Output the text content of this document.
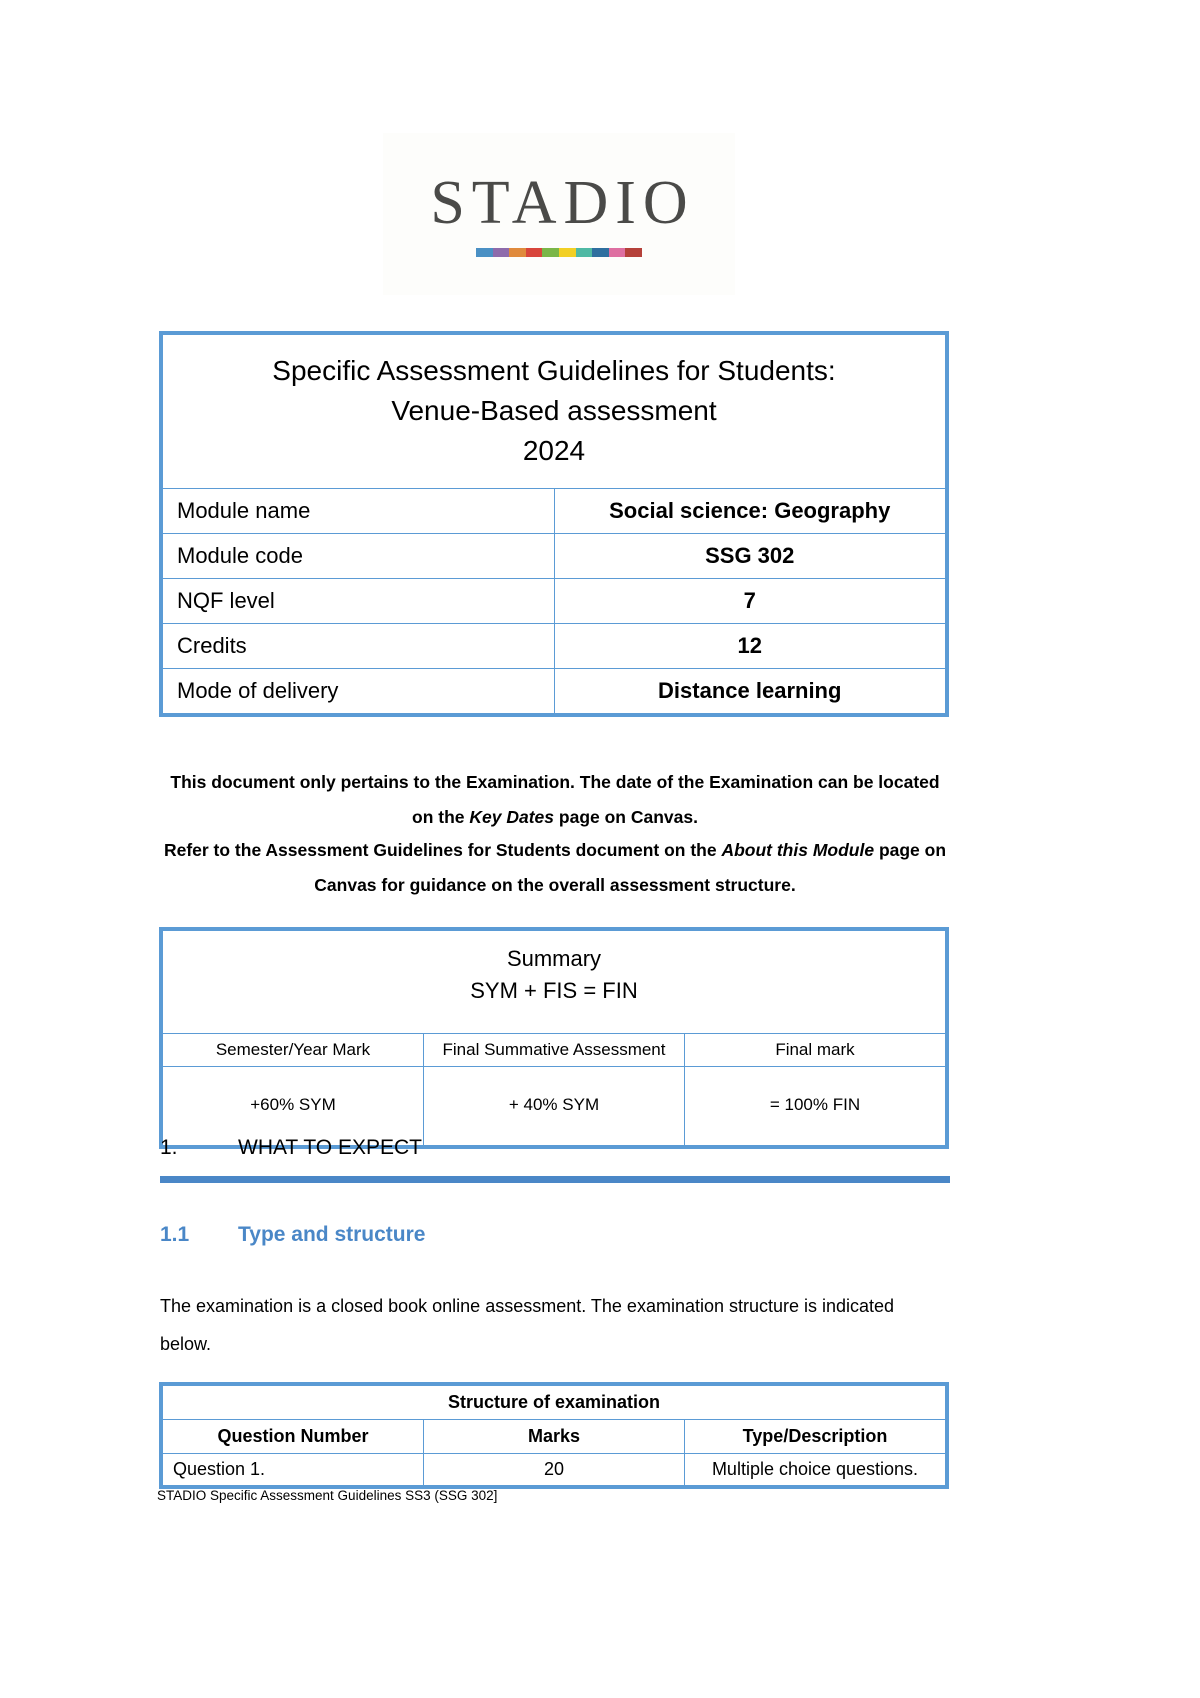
STADIO
Specific Assessment Guidelines for Students:
Venue-Based assessment
2024	

Module name	Social science: Geography
Module code	SSG 302
NQF level	7
Credits	12
Mode of delivery	Distance learning
This document only pertains to the Examination. The date of the Examination can be located on the Key Dates page on Canvas.
Refer to the Assessment Guidelines for Students document on the About this Module page on Canvas for guidance on the overall assessment structure.
Summary
SYM + FIS = FIN		

Semester/Year Mark	Final Summative Assessment	Final mark
+60% SYM	+ 40% SYM	= 100% FIN
1.	WHAT TO EXPECT
1.1	Type and structure
The examination is a closed book online assessment. The examination structure is indicated below.
Structure of examination		
Question Number	Marks	Type/Description
Question 1.	20	Multiple choice questions.
STADIO Specific Assessment Guidelines SS3 (SSG 302]
